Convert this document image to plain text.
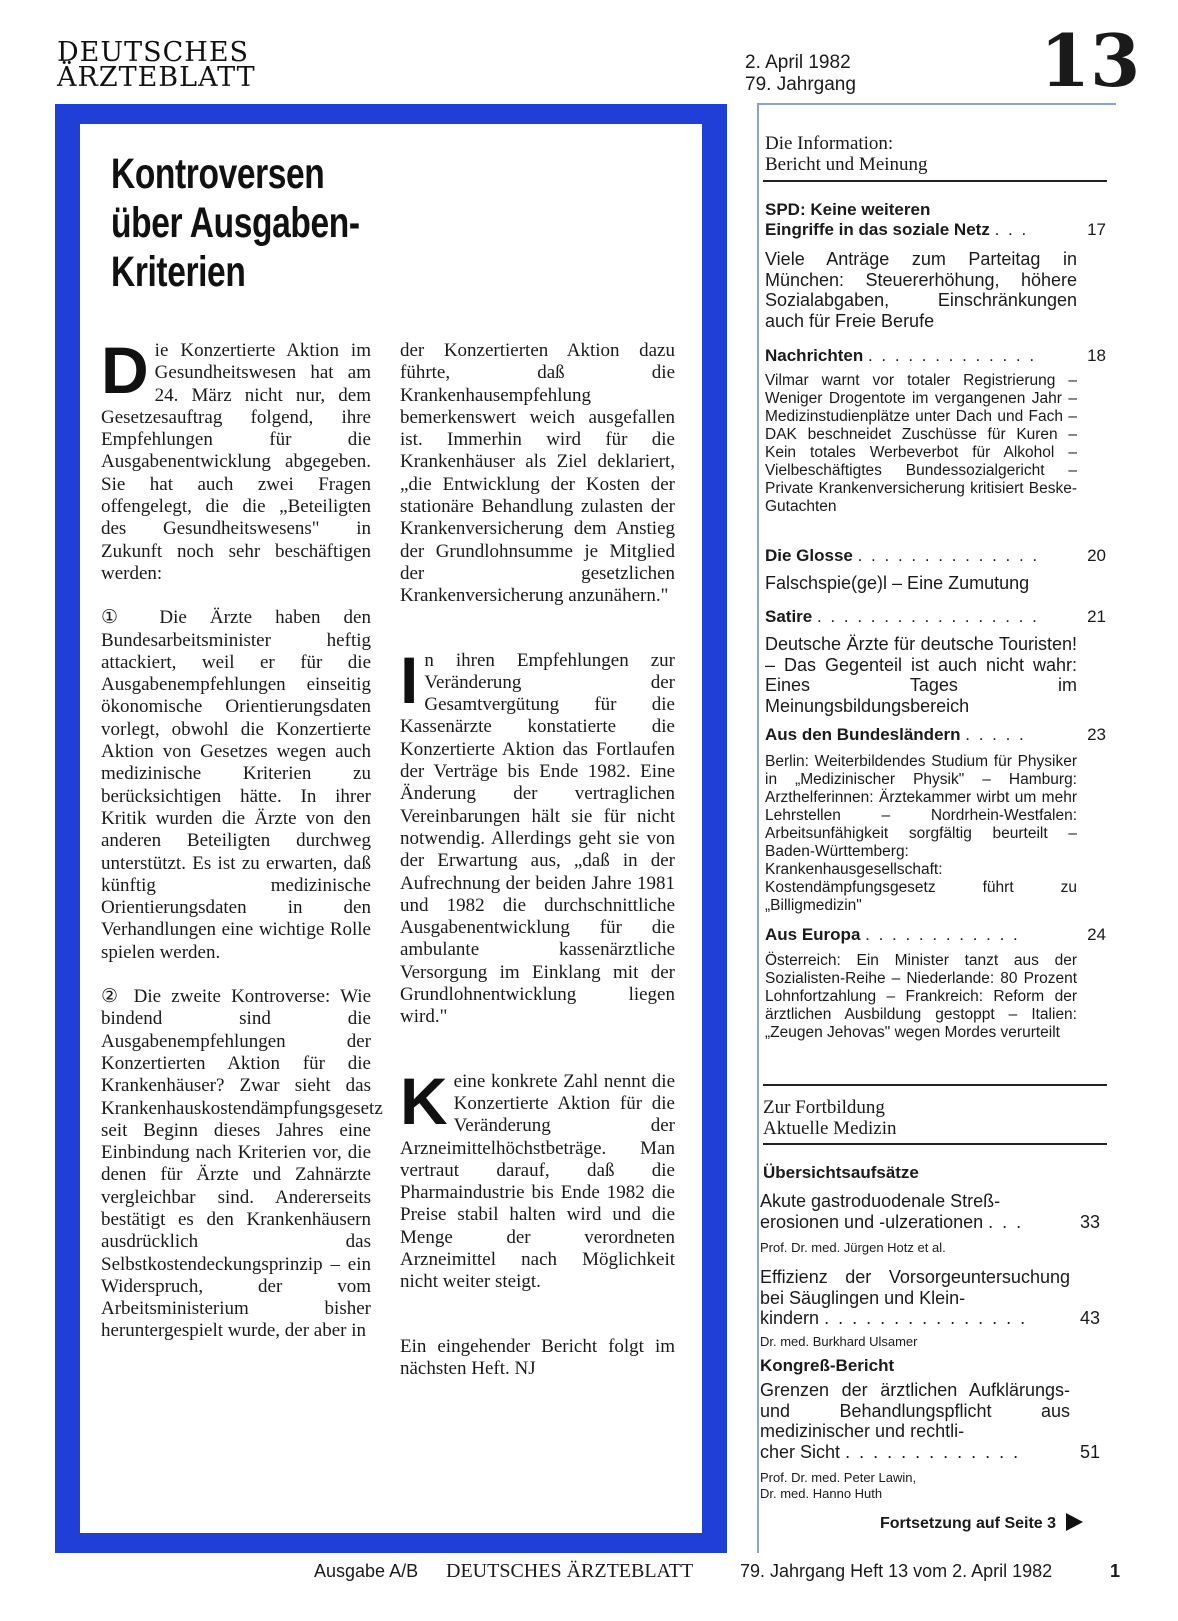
DEUTSCHES
ÄRZTEBLATT	2. April 1982
79. Jahrgang	13
Kontroversen
über Ausgaben-
Kriterien

Die Konzertierte Aktion im Gesundheitswesen hat am 24. März nicht nur, dem Gesetzesauftrag folgend, ihre Empfehlungen für die Ausgabenentwicklung abgegeben. Sie hat auch zwei Fragen offengelegt, die die „Beteiligten des Gesundheitswesens" in Zukunft noch sehr beschäftigen werden:

① Die Ärzte haben den Bundesarbeitsminister heftig attackiert, weil er für die Ausgabenempfehlungen einseitig ökonomische Orientierungsdaten vorlegt, obwohl die Konzertierte Aktion von Gesetzes wegen auch medizinische Kriterien zu berücksichtigen hätte. In ihrer Kritik wurden die Ärzte von den anderen Beteiligten durchweg unterstützt. Es ist zu erwarten, daß künftig medizinische Orientierungsdaten in den Verhandlungen eine wichtige Rolle spielen werden.

② Die zweite Kontroverse: Wie bindend sind die Ausgabenempfehlungen der Konzertierten Aktion für die Krankenhäuser? Zwar sieht das Krankenhauskostendämpfungsgesetz seit Beginn dieses Jahres eine Einbindung nach Kriterien vor, die denen für Ärzte und Zahnärzte vergleichbar sind. Andererseits bestätigt es den Krankenhäusern ausdrücklich das Selbstkostendeckungsprinzip – ein Widerspruch, der vom Arbeitsministerium bisher heruntergespielt wurde, der aber in

der Konzertierten Aktion dazu führte, daß die Krankenhausempfehlung bemerkenswert weich ausgefallen ist. Immerhin wird für die Krankenhäuser als Ziel deklariert, „die Entwicklung der Kosten der stationäre Behandlung zulasten der Krankenversicherung dem Anstieg der Grundlohnsumme je Mitglied der gesetzlichen Krankenversicherung anzunähern."

In ihren Empfehlungen zur Veränderung der Gesamtvergütung für die Kassenärzte konstatierte die Konzertierte Aktion das Fortlaufen der Verträge bis Ende 1982. Eine Änderung der vertraglichen Vereinbarungen hält sie für nicht notwendig. Allerdings geht sie von der Erwartung aus, „daß in der Aufrechnung der beiden Jahre 1981 und 1982 die durchschnittliche Ausgabenentwicklung für die ambulante kassenärztliche Versorgung im Einklang mit der Grundlohnentwicklung liegen wird."

Keine konkrete Zahl nennt die Konzertierte Aktion für die Veränderung der Arzneimittelhöchstbeträge. Man vertraut darauf, daß die Pharmaindustrie bis Ende 1982 die Preise stabil halten wird und die Menge der verordneten Arzneimittel nach Möglichkeit nicht weiter steigt.

Ein eingehender Bericht folgt im nächsten Heft. NJ

Die Information:
Bericht und Meinung
SPD: Keine weiteren
Eingriffe in das soziale Netz . . .	17
Viele Anträge zum Parteitag in München: Steuererhöhung, höhere Sozialabgaben, Einschränkungen auch für Freie Berufe
Nachrichten . . . . . . . . . . . . .	18
Vilmar warnt vor totaler Registrierung – Weniger Drogentote im vergangenen Jahr – Medizinstudienplätze unter Dach und Fach – DAK beschneidet Zuschüsse für Kuren – Kein totales Werbeverbot für Alkohol – Vielbeschäftigtes Bundessozialgericht – Private Krankenversicherung kritisiert Beske-Gutachten
Die Glosse . . . . . . . . . . . . . .	20
Falschspie(ge)l – Eine Zumutung
Satire . . . . . . . . . . . . . . . . .	21
Deutsche Ärzte für deutsche Touristen! – Das Gegenteil ist auch nicht wahr: Eines Tages im Meinungsbildungsbereich
Aus den Bundesländern . . . . .	23
Berlin: Weiterbildendes Studium für Physiker in „Medizinischer Physik" – Hamburg: Arzthelferinnen: Ärztekammer wirbt um mehr Lehrstellen – Nordrhein-Westfalen: Arbeitsunfähigkeit sorgfältig beurteilt – Baden-Württemberg: Krankenhausgesellschaft: Kostendämpfungsgesetz führt zu „Billigmedizin"
Aus Europa . . . . . . . . . . . .	24
Österreich: Ein Minister tanzt aus der Sozialisten-Reihe – Niederlande: 80 Prozent Lohnfortzahlung – Frankreich: Reform der ärztlichen Ausbildung gestoppt – Italien: „Zeugen Jehovas" wegen Mordes verurteilt
Zur Fortbildung
Aktuelle Medizin
Übersichtsaufsätze
Akute gastroduodenale Streß-
erosionen und -ulzerationen . . .	33
Prof. Dr. med. Jürgen Hotz et al.
Effizienz der Vorsorgeuntersuchung bei Säuglingen und Klein-
kindern . . . . . . . . . . . . . . .	43
Dr. med. Burkhard Ulsamer
Kongreß-Bericht
Grenzen der ärztlichen Aufklärungs- und Behandlungspflicht aus medizinischer und rechtli-
cher Sicht . . . . . . . . . . . . .	51
Prof. Dr. med. Peter Lawin,
Dr. med. Hanno Huth
Fortsetzung auf Seite 3
Ausgabe A/B DEUTSCHES ÄRZTEBLATT	79. Jahrgang Heft 13 vom 2. April 1982	1
